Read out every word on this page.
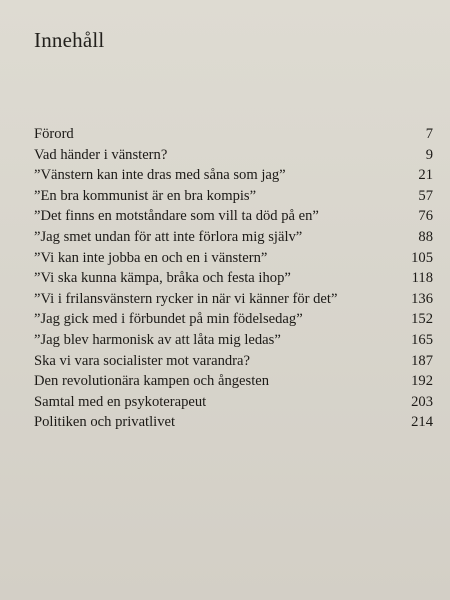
Innehåll
Förord	7
Vad händer i vänstern?	9
”Vänstern kan inte dras med såna som jag”	21
”En bra kommunist är en bra kompis”	57
”Det finns en motståndare som vill ta död på en”	76
”Jag smet undan för att inte förlora mig själv”	88
”Vi kan inte jobba en och en i vänstern”	105
”Vi ska kunna kämpa, bråka och festa ihop”	118
”Vi i frilansvänstern rycker in när vi känner för det”	136
”Jag gick med i förbundet på min födelsedag”	152
”Jag blev harmonisk av att låta mig ledas”	165
Ska vi vara socialister mot varandra?	187
Den revolutionära kampen och ångesten	192
Samtal med en psykoterapeut	203
Politiken och privatlivet	214
